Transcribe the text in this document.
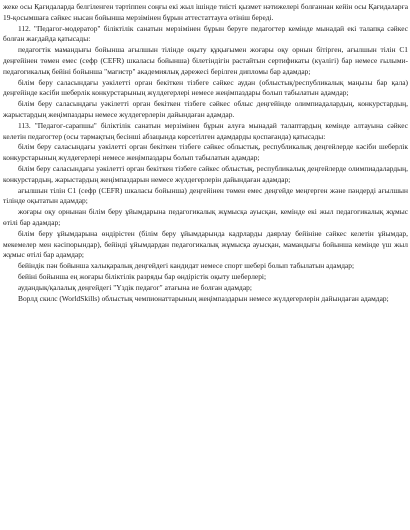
жеке осы Қағидаларда белгіленген тәртіппен соңғы екі жыл ішінде тиісті қызмет нәтижелері болғаннан кейін осы Қағидаларға 19-қосымшаға сәйкес нысан бойынша мерзімінен бұрын аттестаттауға өтініш береді.

112. "Педагог-модератор" біліктілік санатын мерзімінен бұрын беруге педагогтер кемінде мынадай екі талапқа сәйкес болған жағдайда қатысады:

педагогтік мамандығы бойынша ағылшын тілінде оқыту құқығымен жоғары оқу орнын бітірген, ағылшын тілін С1 деңгейінен төмен емес (сефр (CEFR) шкаласы бойынша) білетіндігін растайтын сертификаты (күәлігі) бар немесе ғылыми-педагогикалық бейіні бойынша "магистр" академиялық дәрежесі берілген дипломы бар адамдар;

білім беру саласындағы уәкілетті орган бекіткен тізбеге сәйкес аудан (облыстық/республикалық маңызы бар қала) деңгейінде кәсіби шеберлік конкурстарының жүлдегерлері немесе жеңімпаздары болып табылатын адамдар;

білім беру саласындағы уәкілетті орган бекіткен тізбеге сәйкес облыс деңгейінде олимпиадалардың, конкурстардың, жарыстардың жеңімпаздары немесе жүлдегерлерін дайындаған адамдар.

113. "Педагог-сарапшы" біліктілік санатын мерзімінен бұрын алуға мынадай талаптардың кемінде алтауына сәйкес келетін педагогтер (осы тармақтың бесінші абзацында көрсетілген адамдарды қоспағанда) қатысады:

білім беру саласындағы уәкілетті орган бекіткен тізбеге сәйкес облыстық, республикалық деңгейлерде кәсіби шеберлік конкурстарының жүлдегерлері немесе жеңімпаздары болып табылатын адамдар;

білім беру саласындағы уәкілетті орган бекіткен тізбеге сәйкес облыстық, республикалық деңгейлерде олимпиадалардың, конкурстардың, жарыстардың жеңімпаздарын немесе жүлдегерлерін дайындаған адамдар;

ағылшын тілін С1 (сефр (CEFR) шкаласы бойынша) деңгейінен төмен емес деңгейде меңгерген және пәндерді ағылшын тілінде оқытатын адамдар;

жоғары оқу орнынан білім беру ұйымдарына педагогикалық жұмысқа ауысқан, кемінде екі жыл педагогикалық жұмыс өтілі бар адамдар;

білім беру ұйымдарына өндірістен (білім беру ұйымдарында кадрларды даярлау бейініне сәйкес келетін ұйымдар, мекемелер мен кәсіпорындар), бейінді ұйымдардан педагогикалық жұмысқа ауысқан, мамандығы бойынша кемінде үш жыл жұмыс өтілі бар адамдар;

бейіндік пән бойынша халықаралық деңгейдегі кандидат немесе спорт шебері болып табылатын адамдар;

бейіні бойынша ең жоғары біліктілік разряды бар өндірістік оқыту шеберлері;

аудандық/қалалық деңгейдегі "Үздік педагог" атағына ие болған адамдар;

Ворлд скилс (WorldSkills) облыстық чемпионаттарының жеңімпаздарын немесе жүлдегерлерін дайындаған адамдар;
